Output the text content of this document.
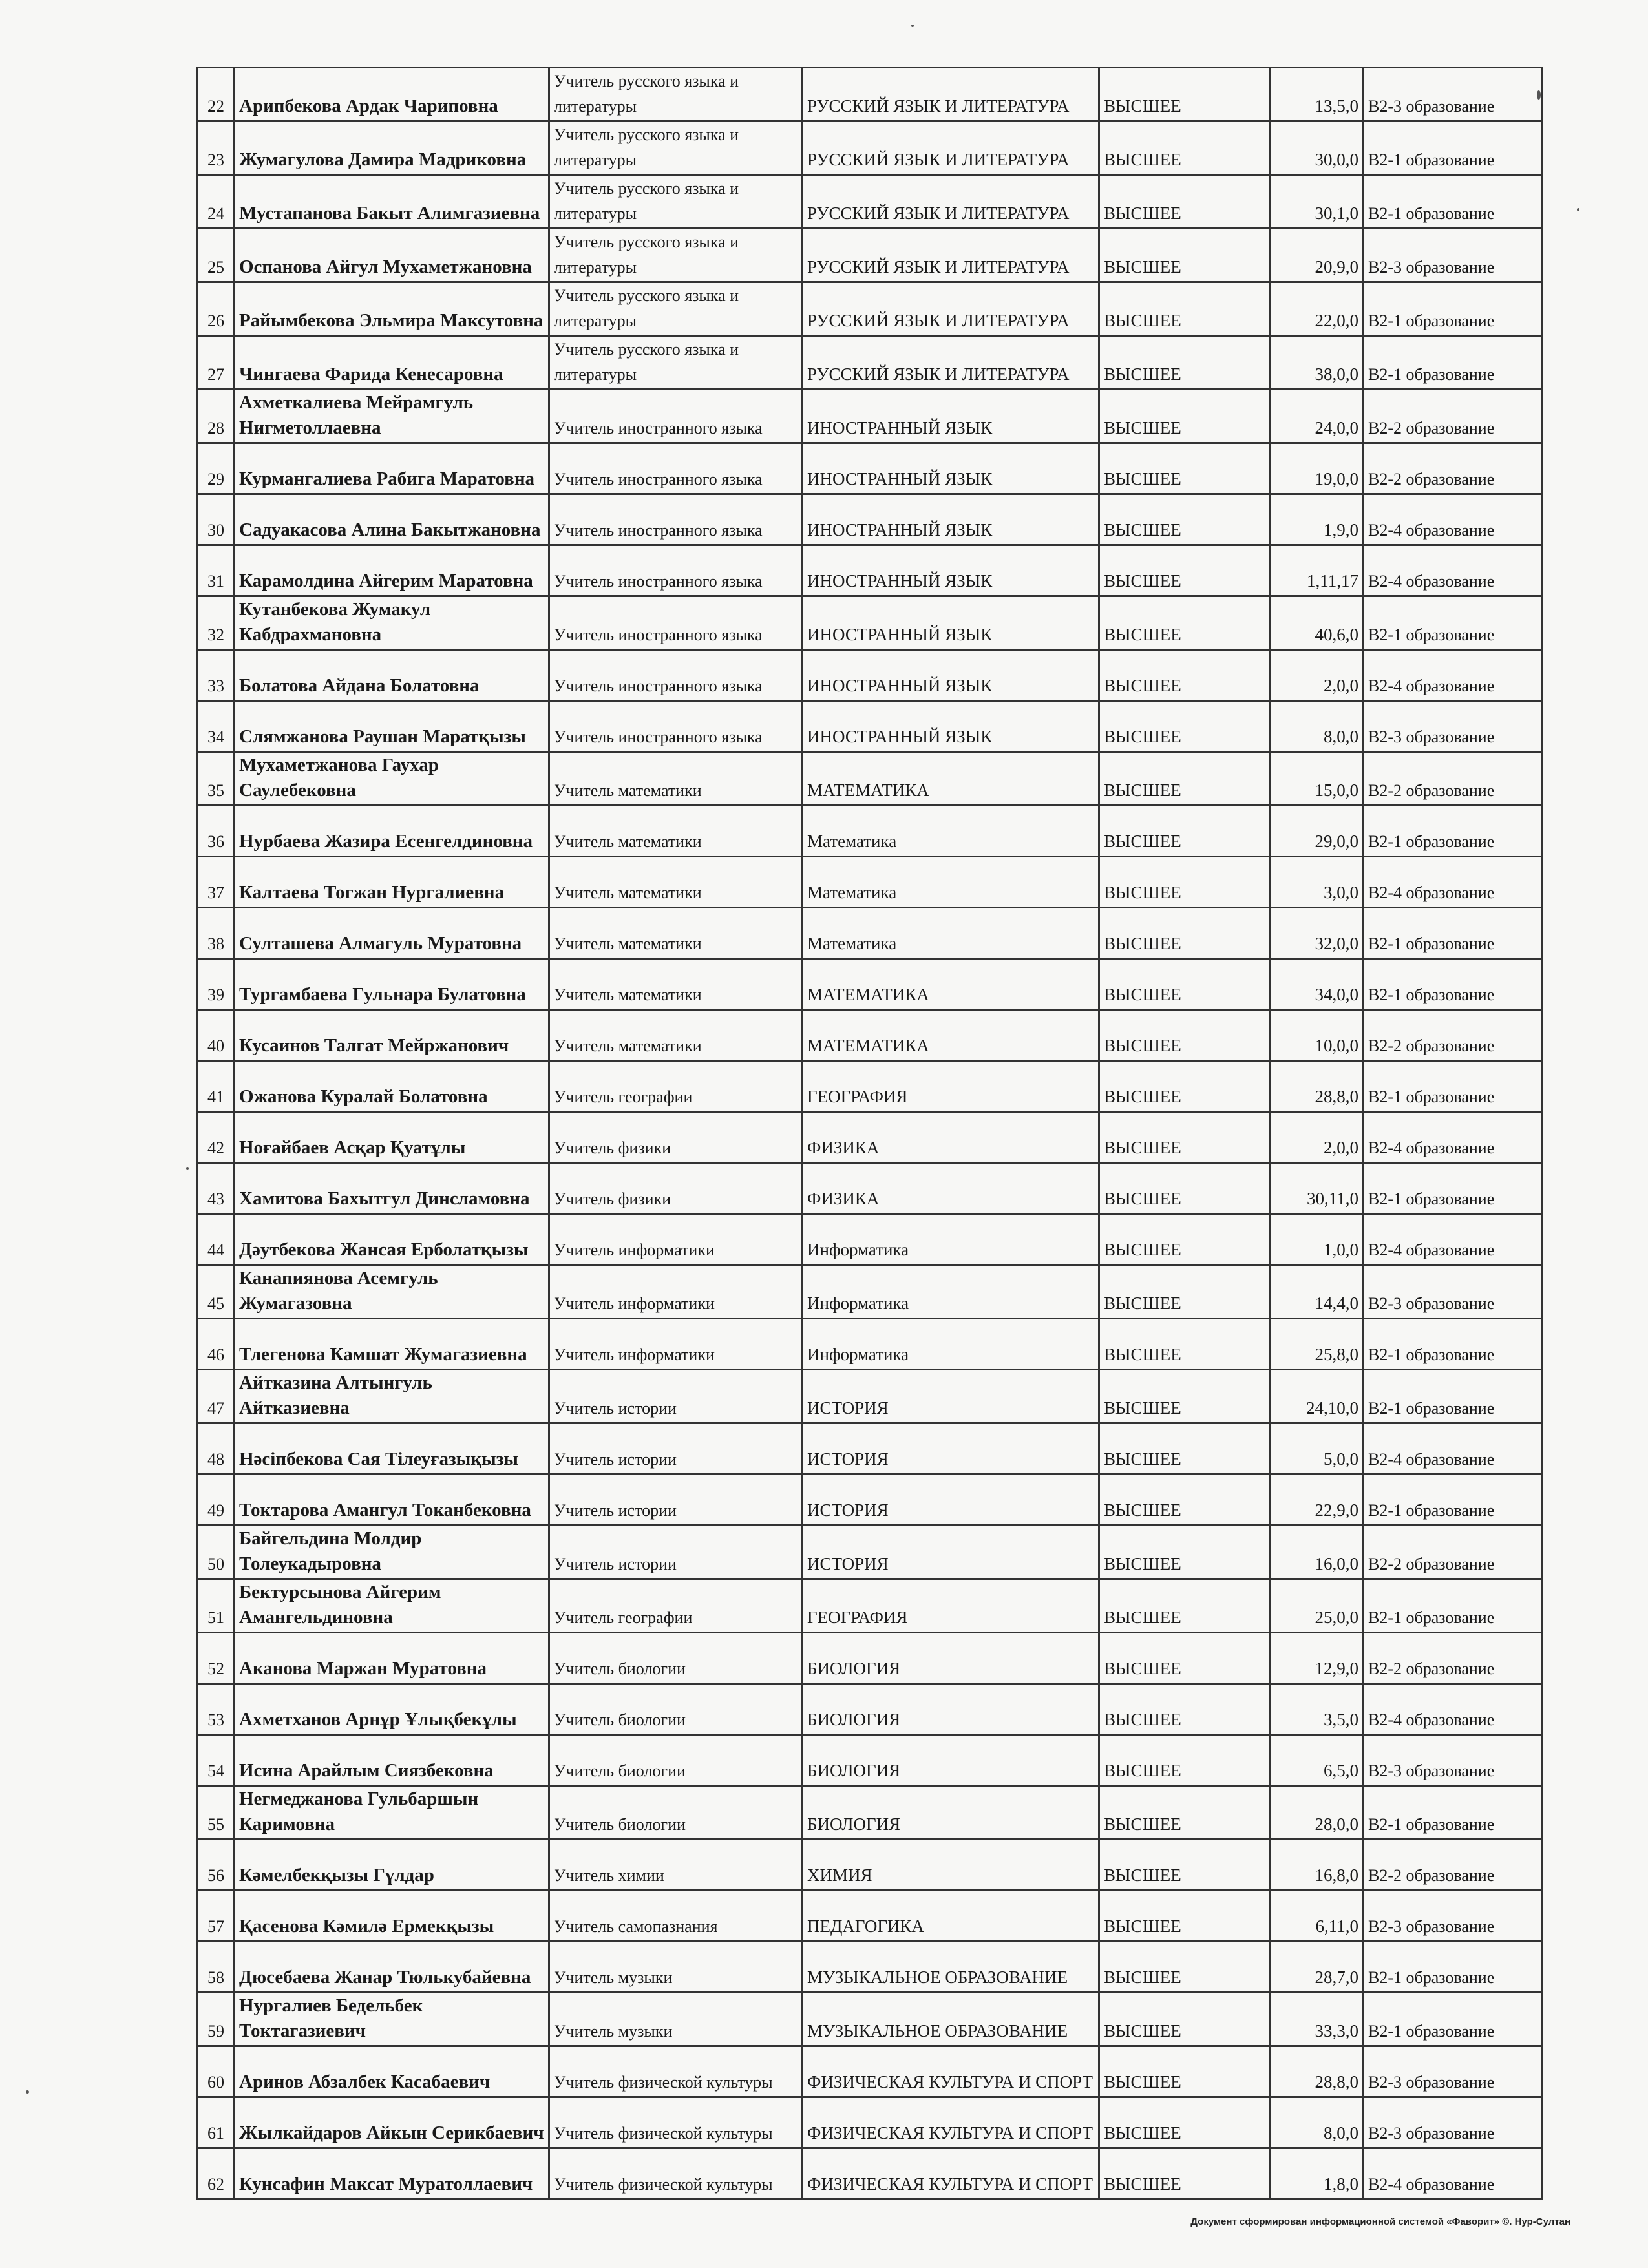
22	Арипбекова Ардак Чариповна	Учитель русского языка и литературы	РУССКИЙ ЯЗЫК И ЛИТЕРАТУРА	ВЫСШЕЕ	13,5,0	В2-3 образование
23	Жумагулова Дамира Мадриковна	Учитель русского языка и литературы	РУССКИЙ ЯЗЫК И ЛИТЕРАТУРА	ВЫСШЕЕ	30,0,0	В2-1 образование
24	Мустапанова Бакыт Алимгазиевна	Учитель русского языка и литературы	РУССКИЙ ЯЗЫК И ЛИТЕРАТУРА	ВЫСШЕЕ	30,1,0	В2-1 образование
25	Оспанова Айгул Мухаметжановна	Учитель русского языка и литературы	РУССКИЙ ЯЗЫК И ЛИТЕРАТУРА	ВЫСШЕЕ	20,9,0	В2-3 образование
26	Райымбекова Эльмира Максутовна	Учитель русского языка и литературы	РУССКИЙ ЯЗЫК И ЛИТЕРАТУРА	ВЫСШЕЕ	22,0,0	В2-1 образование
27	Чингаева Фарида Кенесаровна	Учитель русского языка и литературы	РУССКИЙ ЯЗЫК И ЛИТЕРАТУРА	ВЫСШЕЕ	38,0,0	В2-1 образование
28	Ахметкалиева Мейрамгуль Нигметоллаевна	Учитель иностранного языка	ИНОСТРАННЫЙ ЯЗЫК	ВЫСШЕЕ	24,0,0	В2-2 образование
29	Курмангалиева Рабига Маратовна	Учитель иностранного языка	ИНОСТРАННЫЙ ЯЗЫК	ВЫСШЕЕ	19,0,0	В2-2 образование
30	Садуакасова Алина Бакытжановна	Учитель иностранного языка	ИНОСТРАННЫЙ ЯЗЫК	ВЫСШЕЕ	1,9,0	В2-4 образование
31	Карамолдина Айгерим Маратовна	Учитель иностранного языка	ИНОСТРАННЫЙ ЯЗЫК	ВЫСШЕЕ	1,11,17	В2-4 образование
32	Кутанбекова Жумакул Кабдрахмановна	Учитель иностранного языка	ИНОСТРАННЫЙ ЯЗЫК	ВЫСШЕЕ	40,6,0	В2-1 образование
33	Болатова Айдана Болатовна	Учитель иностранного языка	ИНОСТРАННЫЙ ЯЗЫК	ВЫСШЕЕ	2,0,0	В2-4 образование
34	Слямжанова Раушан Маратқызы	Учитель иностранного языка	ИНОСТРАННЫЙ ЯЗЫК	ВЫСШЕЕ	8,0,0	В2-3 образование
35	Мухаметжанова Гаухар Саулебековна	Учитель математики	МАТЕМАТИКА	ВЫСШЕЕ	15,0,0	В2-2 образование
36	Нурбаева Жазира Есенгелдиновна	Учитель математики	Математика	ВЫСШЕЕ	29,0,0	В2-1 образование
37	Калтаева Тогжан Нургалиевна	Учитель математики	Математика	ВЫСШЕЕ	3,0,0	В2-4 образование
38	Султашева Алмагуль Муратовна	Учитель математики	Математика	ВЫСШЕЕ	32,0,0	В2-1 образование
39	Тургамбаева Гульнара Булатовна	Учитель математики	МАТЕМАТИКА	ВЫСШЕЕ	34,0,0	В2-1 образование
40	Кусаинов Талгат Мейржанович	Учитель математики	МАТЕМАТИКА	ВЫСШЕЕ	10,0,0	В2-2 образование
41	Ожанова Куралай Болатовна	Учитель географии	ГЕОГРАФИЯ	ВЫСШЕЕ	28,8,0	В2-1 образование
42	Ноғайбаев Асқар Қуатұлы	Учитель физики	ФИЗИКА	ВЫСШЕЕ	2,0,0	В2-4 образование
43	Хамитова Бахытгул Динсламовна	Учитель физики	ФИЗИКА	ВЫСШЕЕ	30,11,0	В2-1 образование
44	Дәутбекова Жансая Ерболатқызы	Учитель информатики	Информатика	ВЫСШЕЕ	1,0,0	В2-4 образование
45	Канапиянова Асемгуль Жумагазовна	Учитель информатики	Информатика	ВЫСШЕЕ	14,4,0	В2-3 образование
46	Тлегенова Камшат Жумагазиевна	Учитель информатики	Информатика	ВЫСШЕЕ	25,8,0	В2-1 образование
47	Айтказина Алтынгуль Айтказиевна	Учитель истории	ИСТОРИЯ	ВЫСШЕЕ	24,10,0	В2-1 образование
48	Нәсіпбекова Сая Тілеуғазықызы	Учитель истории	ИСТОРИЯ	ВЫСШЕЕ	5,0,0	В2-4 образование
49	Токтарова Амангул Токанбековна	Учитель истории	ИСТОРИЯ	ВЫСШЕЕ	22,9,0	В2-1 образование
50	Байгельдина Молдир Толеукадыровна	Учитель истории	ИСТОРИЯ	ВЫСШЕЕ	16,0,0	В2-2 образование
51	Бектурсынова Айгерим Амангельдиновна	Учитель географии	ГЕОГРАФИЯ	ВЫСШЕЕ	25,0,0	В2-1 образование
52	Аканова Маржан Муратовна	Учитель биологии	БИОЛОГИЯ	ВЫСШЕЕ	12,9,0	В2-2 образование
53	Ахметханов Арнұр Ұлықбекұлы	Учитель биологии	БИОЛОГИЯ	ВЫСШЕЕ	3,5,0	В2-4 образование
54	Исина Арайлым Сиязбековна	Учитель биологии	БИОЛОГИЯ	ВЫСШЕЕ	6,5,0	В2-3 образование
55	Негмеджанова Гульбаршын Каримовна	Учитель биологии	БИОЛОГИЯ	ВЫСШЕЕ	28,0,0	В2-1 образование
56	Кәмелбекқызы Гүлдар	Учитель химии	ХИМИЯ	ВЫСШЕЕ	16,8,0	В2-2 образование
57	Қасенова Кәмилә Ермекқызы	Учитель самопазнания	ПЕДАГОГИКА	ВЫСШЕЕ	6,11,0	В2-3 образование
58	Дюсебаева Жанар Тюлькубайевна	Учитель музыки	МУЗЫКАЛЬНОЕ ОБРАЗОВАНИЕ	ВЫСШЕЕ	28,7,0	В2-1 образование
59	Нургалиев Бедельбек Токтагазиевич	Учитель музыки	МУЗЫКАЛЬНОЕ ОБРАЗОВАНИЕ	ВЫСШЕЕ	33,3,0	В2-1 образование
60	Аринов Абзалбек Касабаевич	Учитель физической культуры	ФИЗИЧЕСКАЯ КУЛЬТУРА И СПОРТ	ВЫСШЕЕ	28,8,0	В2-3 образование
61	Жылкайдаров Айкын Серикбаевич	Учитель физической культуры	ФИЗИЧЕСКАЯ КУЛЬТУРА И СПОРТ	ВЫСШЕЕ	8,0,0	В2-3 образование
62	Кунсафин Максат Муратоллаевич	Учитель физической культуры	ФИЗИЧЕСКАЯ КУЛЬТУРА И СПОРТ	ВЫСШЕЕ	1,8,0	В2-4 образование
Документ сформирован информационной системой «Фаворит» ©. Нур-Султан
